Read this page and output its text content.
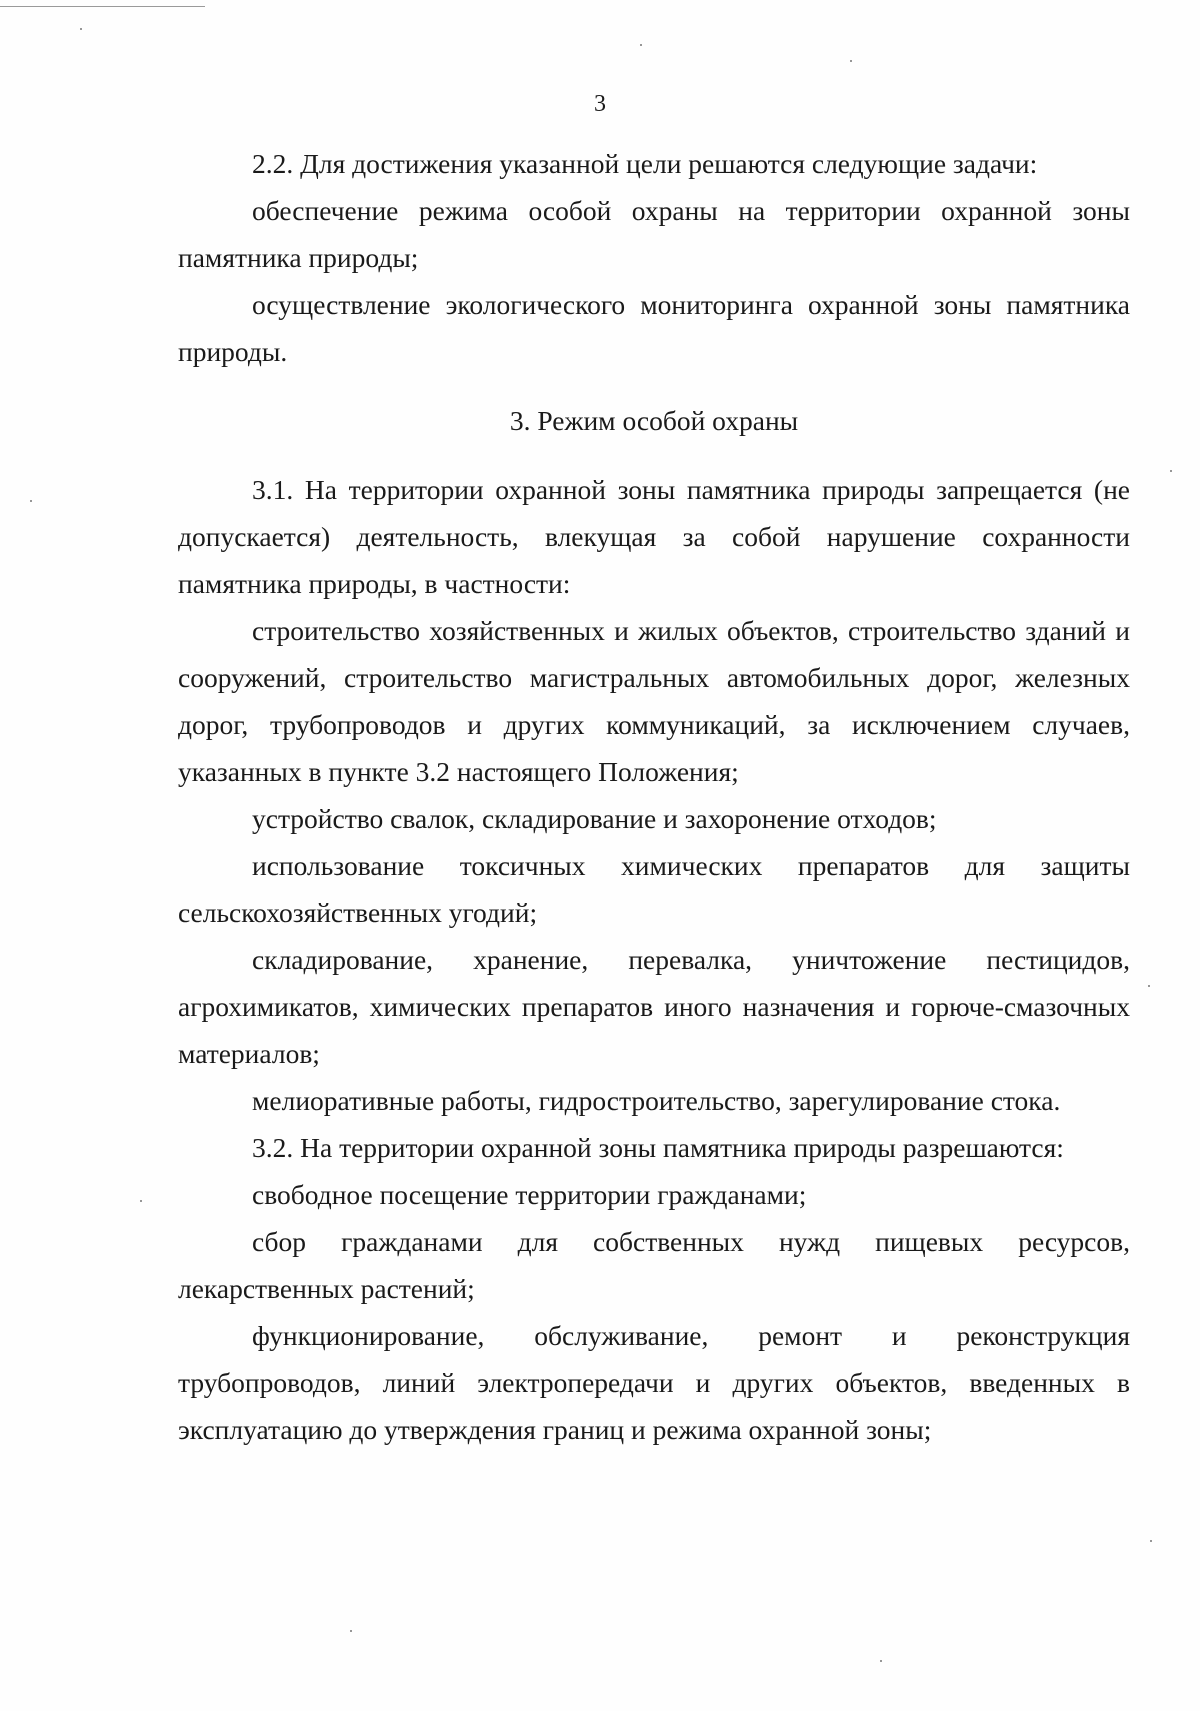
3

2.2. Для достижения указанной цели решаются следующие задачи:

обеспечение режима особой охраны на территории охранной зоны памятника природы;

осуществление экологического мониторинга охранной зоны памятника природы.

3. Режим особой охраны

3.1. На территории охранной зоны памятника природы запрещается (не допускается) деятельность, влекущая за собой нарушение сохранности памятника природы, в частности:

строительство хозяйственных и жилых объектов, строительство зданий и сооружений, строительство магистральных автомобильных дорог, железных дорог, трубопроводов и других коммуникаций, за исключением случаев, указанных в пункте 3.2 настоящего Положения;

устройство свалок, складирование и захоронение отходов;

использование токсичных химических препаратов для защиты сельскохозяйственных угодий;

складирование, хранение, перевалка, уничтожение пестицидов, агрохимикатов, химических препаратов иного назначения и горюче-смазочных материалов;

мелиоративные работы, гидростроительство, зарегулирование стока.

3.2. На территории охранной зоны памятника природы разрешаются:

свободное посещение территории гражданами;

сбор гражданами для собственных нужд пищевых ресурсов, лекарственных растений;

функционирование, обслуживание, ремонт и реконструкция трубопроводов, линий электропередачи и других объектов, введенных в эксплуатацию до утверждения границ и режима охранной зоны;
